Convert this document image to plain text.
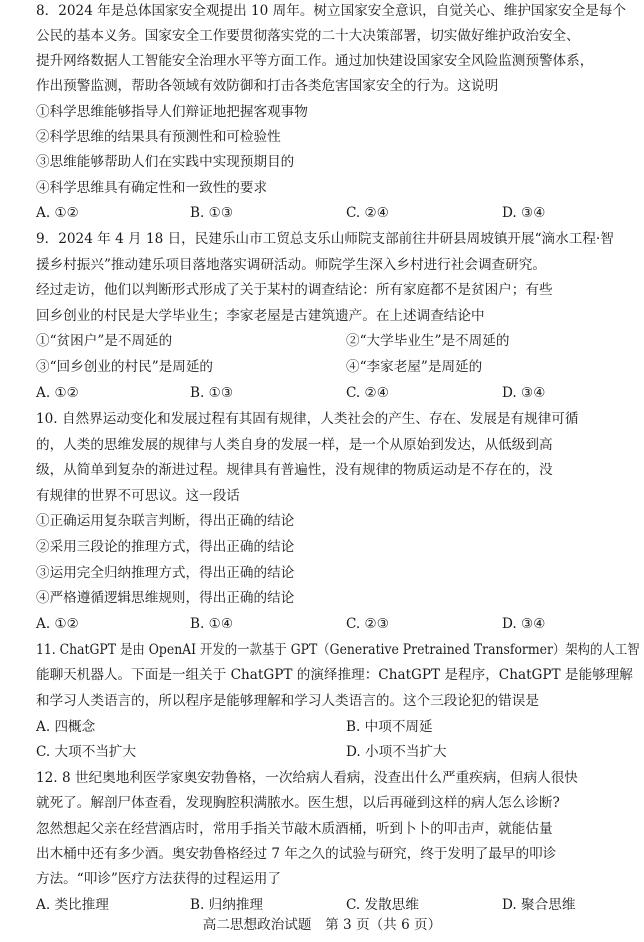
8．2024 年是总体国家安全观提出 10 周年。树立国家安全意识，自觉关心、维护国家安全是每个
公民的基本义务。国家安全工作要贯彻落实党的二十大决策部署，切实做好维护政治安全、
提升网络数据人工智能安全治理水平等方面工作。通过加快建设国家安全风险监测预警体系，
作出预警监测，帮助各领域有效防御和打击各类危害国家安全的行为。这说明
①科学思维能够指导人们辩证地把握客观事物
②科学思维的结果具有预测性和可检验性
③思维能够帮助人们在实践中实现预期目的
④科学思维具有确定性和一致性的要求
A. ①②	B. ①③	C. ②④	D. ③④
9．2024 年 4 月 18 日，民建乐山市工贸总支乐山师院支部前往井研县周坡镇开展“滴水工程·智
援乡村振兴”推动建乐项目落地落实调研活动。师院学生深入乡村进行社会调查研究。
经过走访，他们以判断形式形成了关于某村的调查结论：所有家庭都不是贫困户；有些
回乡创业的村民是大学毕业生；李家老屋是古建筑遗产。在上述调查结论中
①“贫困户”是不周延的	②“大学毕业生”是不周延的
③“回乡创业的村民”是周延的	④“李家老屋”是周延的
A. ①②	B. ①③	C. ②④	D. ③④
10. 自然界运动变化和发展过程有其固有规律，人类社会的产生、存在、发展是有规律可循
的，人类的思维发展的规律与人类自身的发展一样，是一个从原始到发达，从低级到高
级，从简单到复杂的渐进过程。规律具有普遍性，没有规律的物质运动是不存在的，没
有规律的世界不可思议。这一段话
①正确运用复杂联言判断，得出正确的结论
②采用三段论的推理方式，得出正确的结论
③运用完全归纳推理方式，得出正确的结论
④严格遵循逻辑思维规则，得出正确的结论
A. ①②	B. ①④	C. ②③	D. ③④
11. ChatGPT 是由 OpenAI 开发的一款基于 GPT（Generative Pretrained Transformer）架构的人工智
能聊天机器人。下面是一组关于 ChatGPT 的演绎推理：ChatGPT 是程序，ChatGPT 是能够理解
和学习人类语言的，所以程序是能够理解和学习人类语言的。这个三段论犯的错误是
A. 四概念	B. 中项不周延
C. 大项不当扩大	D. 小项不当扩大
12. 8 世纪奥地利医学家奥安勃鲁格，一次给病人看病，没查出什么严重疾病，但病人很快
就死了。解剖尸体查看，发现胸腔积满脓水。医生想，以后再碰到这样的病人怎么诊断?
忽然想起父亲在经营酒店时，常用手指关节敲木质酒桶，听到卜卜的叩击声，就能估量
出木桶中还有多少酒。奥安勃鲁格经过 7 年之久的试验与研究，终于发明了最早的叩诊
方法。“叩诊”医疗方法获得的过程运用了
A. 类比推理	B. 归纳推理	C. 发散思维	D. 聚合思维
高二思想政治试题　第 3 页（共 6 页）
